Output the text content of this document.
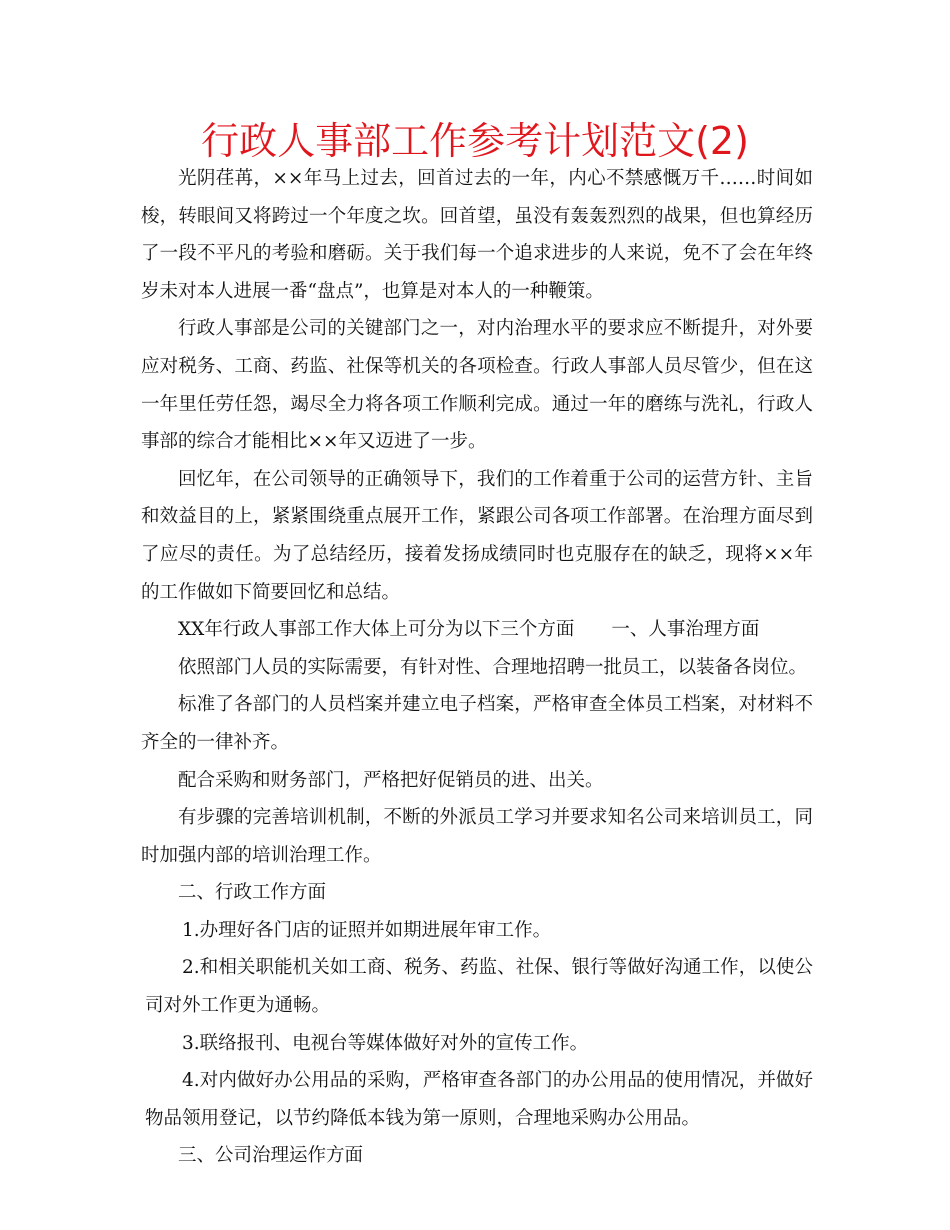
行政人事部工作参考计划范文(2)

光阴荏苒，××年马上过去，回首过去的一年，内心不禁感慨万千……时间如梭，转眼间又将跨过一个年度之坎。回首望，虽没有轰轰烈烈的战果，但也算经历了一段不平凡的考验和磨砺。关于我们每一个追求进步的人来说，免不了会在年终岁未对本人进展一番“盘点”，也算是对本人的一种鞭策。

行政人事部是公司的关键部门之一，对内治理水平的要求应不断提升，对外要应对税务、工商、药监、社保等机关的各项检查。行政人事部人员尽管少，但在这一年里任劳任怨，竭尽全力将各项工作顺利完成。通过一年的磨练与洗礼，行政人事部的综合才能相比××年又迈进了一步。

回忆年，在公司领导的正确领导下，我们的工作着重于公司的运营方针、主旨和效益目的上，紧紧围绕重点展开工作，紧跟公司各项工作部署。在治理方面尽到了应尽的责任。为了总结经历，接着发扬成绩同时也克服存在的缺乏，现将××年的工作做如下简要回忆和总结。

XX年行政人事部工作大体上可分为以下三个方面　　一、人事治理方面

依照部门人员的实际需要，有针对性、合理地招聘一批员工，以装备各岗位。

标准了各部门的人员档案并建立电子档案，严格审查全体员工档案，对材料不齐全的一律补齐。

配合采购和财务部门，严格把好促销员的进、出关。

有步骤的完善培训机制，不断的外派员工学习并要求知名公司来培训员工，同时加强内部的培训治理工作。

二、行政工作方面

1.办理好各门店的证照并如期进展年审工作。

2.和相关职能机关如工商、税务、药监、社保、银行等做好沟通工作，以使公司对外工作更为通畅。

3.联络报刊、电视台等媒体做好对外的宣传工作。

4.对内做好办公用品的采购，严格审查各部门的办公用品的使用情况，并做好物品领用登记，以节约降低本钱为第一原则，合理地采购办公用品。

三、公司治理运作方面
